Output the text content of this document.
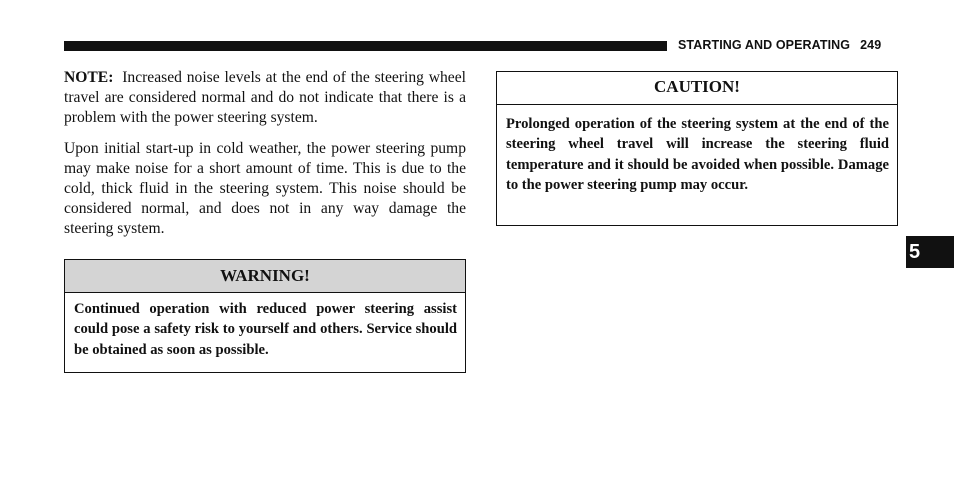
STARTING AND OPERATING 249

NOTE: Increased noise levels at the end of the steering wheel travel are considered normal and do not indicate that there is a problem with the power steering system.

Upon initial start-up in cold weather, the power steering pump may make noise for a short amount of time. This is due to the cold, thick fluid in the steering system. This noise should be considered normal, and does not in any way damage the steering system.

WARNING!
Continued operation with reduced power steering assist could pose a safety risk to yourself and others. Service should be obtained as soon as possible.
CAUTION!
Prolonged operation of the steering system at the end of the steering wheel travel will increase the steering fluid temperature and it should be avoided when possible. Damage to the power steering pump may occur.
5
